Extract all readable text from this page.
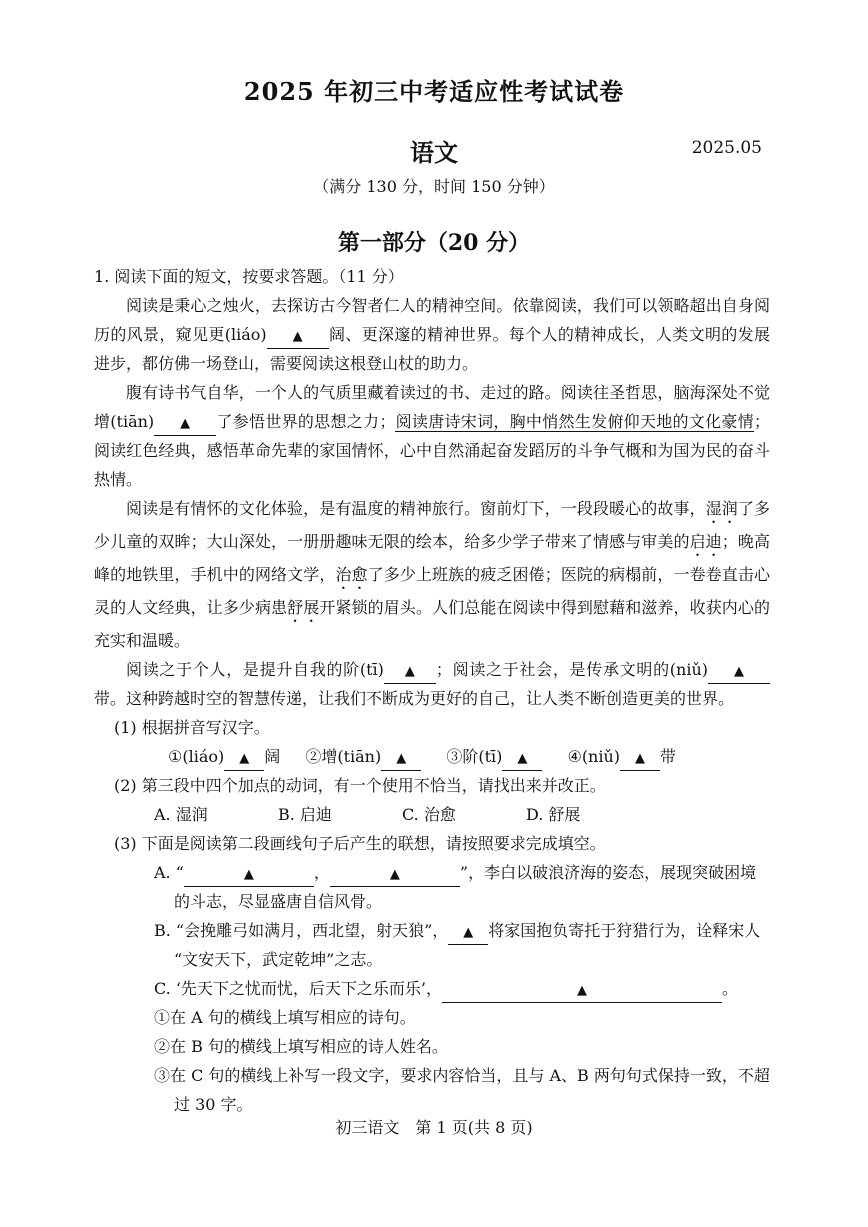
2025 年初三中考适应性考试试卷
语文	2025.05
（满分 130 分，时间 150 分钟）
第一部分（20 分）

1. 阅读下面的短文，按要求答题。（11 分）

阅读是秉心之烛火，去探访古今智者仁人的精神空间。依靠阅读，我们可以领略超出自身阅历的风景，窥见更(liáo) ▲ 阔、更深邃的精神世界。每个人的精神成长，人类文明的发展进步，都仿佛一场登山，需要阅读这根登山杖的助力。

腹有诗书气自华，一个人的气质里藏着读过的书、走过的路。阅读往圣哲思，脑海深处不觉增(tiān) ▲ 了参悟世界的思想之力；阅读唐诗宋词，胸中悄然生发俯仰天地的文化豪情；阅读红色经典，感悟革命先辈的家国情怀，心中自然涌起奋发蹈厉的斗争气概和为国为民的奋斗热情。

阅读是有情怀的文化体验，是有温度的精神旅行。窗前灯下，一段段暖心的故事，湿润了多少儿童的双眸；大山深处，一册册趣味无限的绘本，给多少学子带来了情感与审美的启迪；晚高峰的地铁里，手机中的网络文学，治愈了多少上班族的疲乏困倦；医院的病榻前，一卷卷直击心灵的人文经典，让多少病患舒展开紧锁的眉头。人们总能在阅读中得到慰藉和滋养，收获内心的充实和温暖。

阅读之于个人，是提升自我的阶(tī) ▲ ；阅读之于社会，是传承文明的(niǔ) ▲带。这种跨越时空的智慧传递，让我们不断成为更好的自己，让人类不断创造更美的世界。

(1) 根据拼音写汉字。

①(liáo) ▲ 阔 ②增(tiān) ▲	③阶(tī) ▲	④(niǔ) ▲ 带

(2) 第三段中四个加点的动词，有一个使用不恰当，请找出来并改正。

A. 湿润	B. 启迪	C. 治愈	D. 舒展

(3) 下面是阅读第二段画线句子后产生的联想，请按照要求完成填空。

A. “	▲	，	▲	”，李白以破浪济海的姿态，展现突破困境

的斗志，尽显盛唐自信风骨。

B. “会挽雕弓如满月，西北望，射天狼”， ▲ 将家国抱负寄托于狩猎行为，诠释宋人

“文安天下，武定乾坤”之志。

C. ‘先天下之忧而忧，后天下之乐而乐’，	▲	。

①在 A 句的横线上填写相应的诗句。

②在 B 句的横线上填写相应的诗人姓名。

③在 C 句的横线上补写一段文字，要求内容恰当，且与 A、B 两句句式保持一致，不超

过 30 字。

初三语文　第 1 页(共 8 页)
